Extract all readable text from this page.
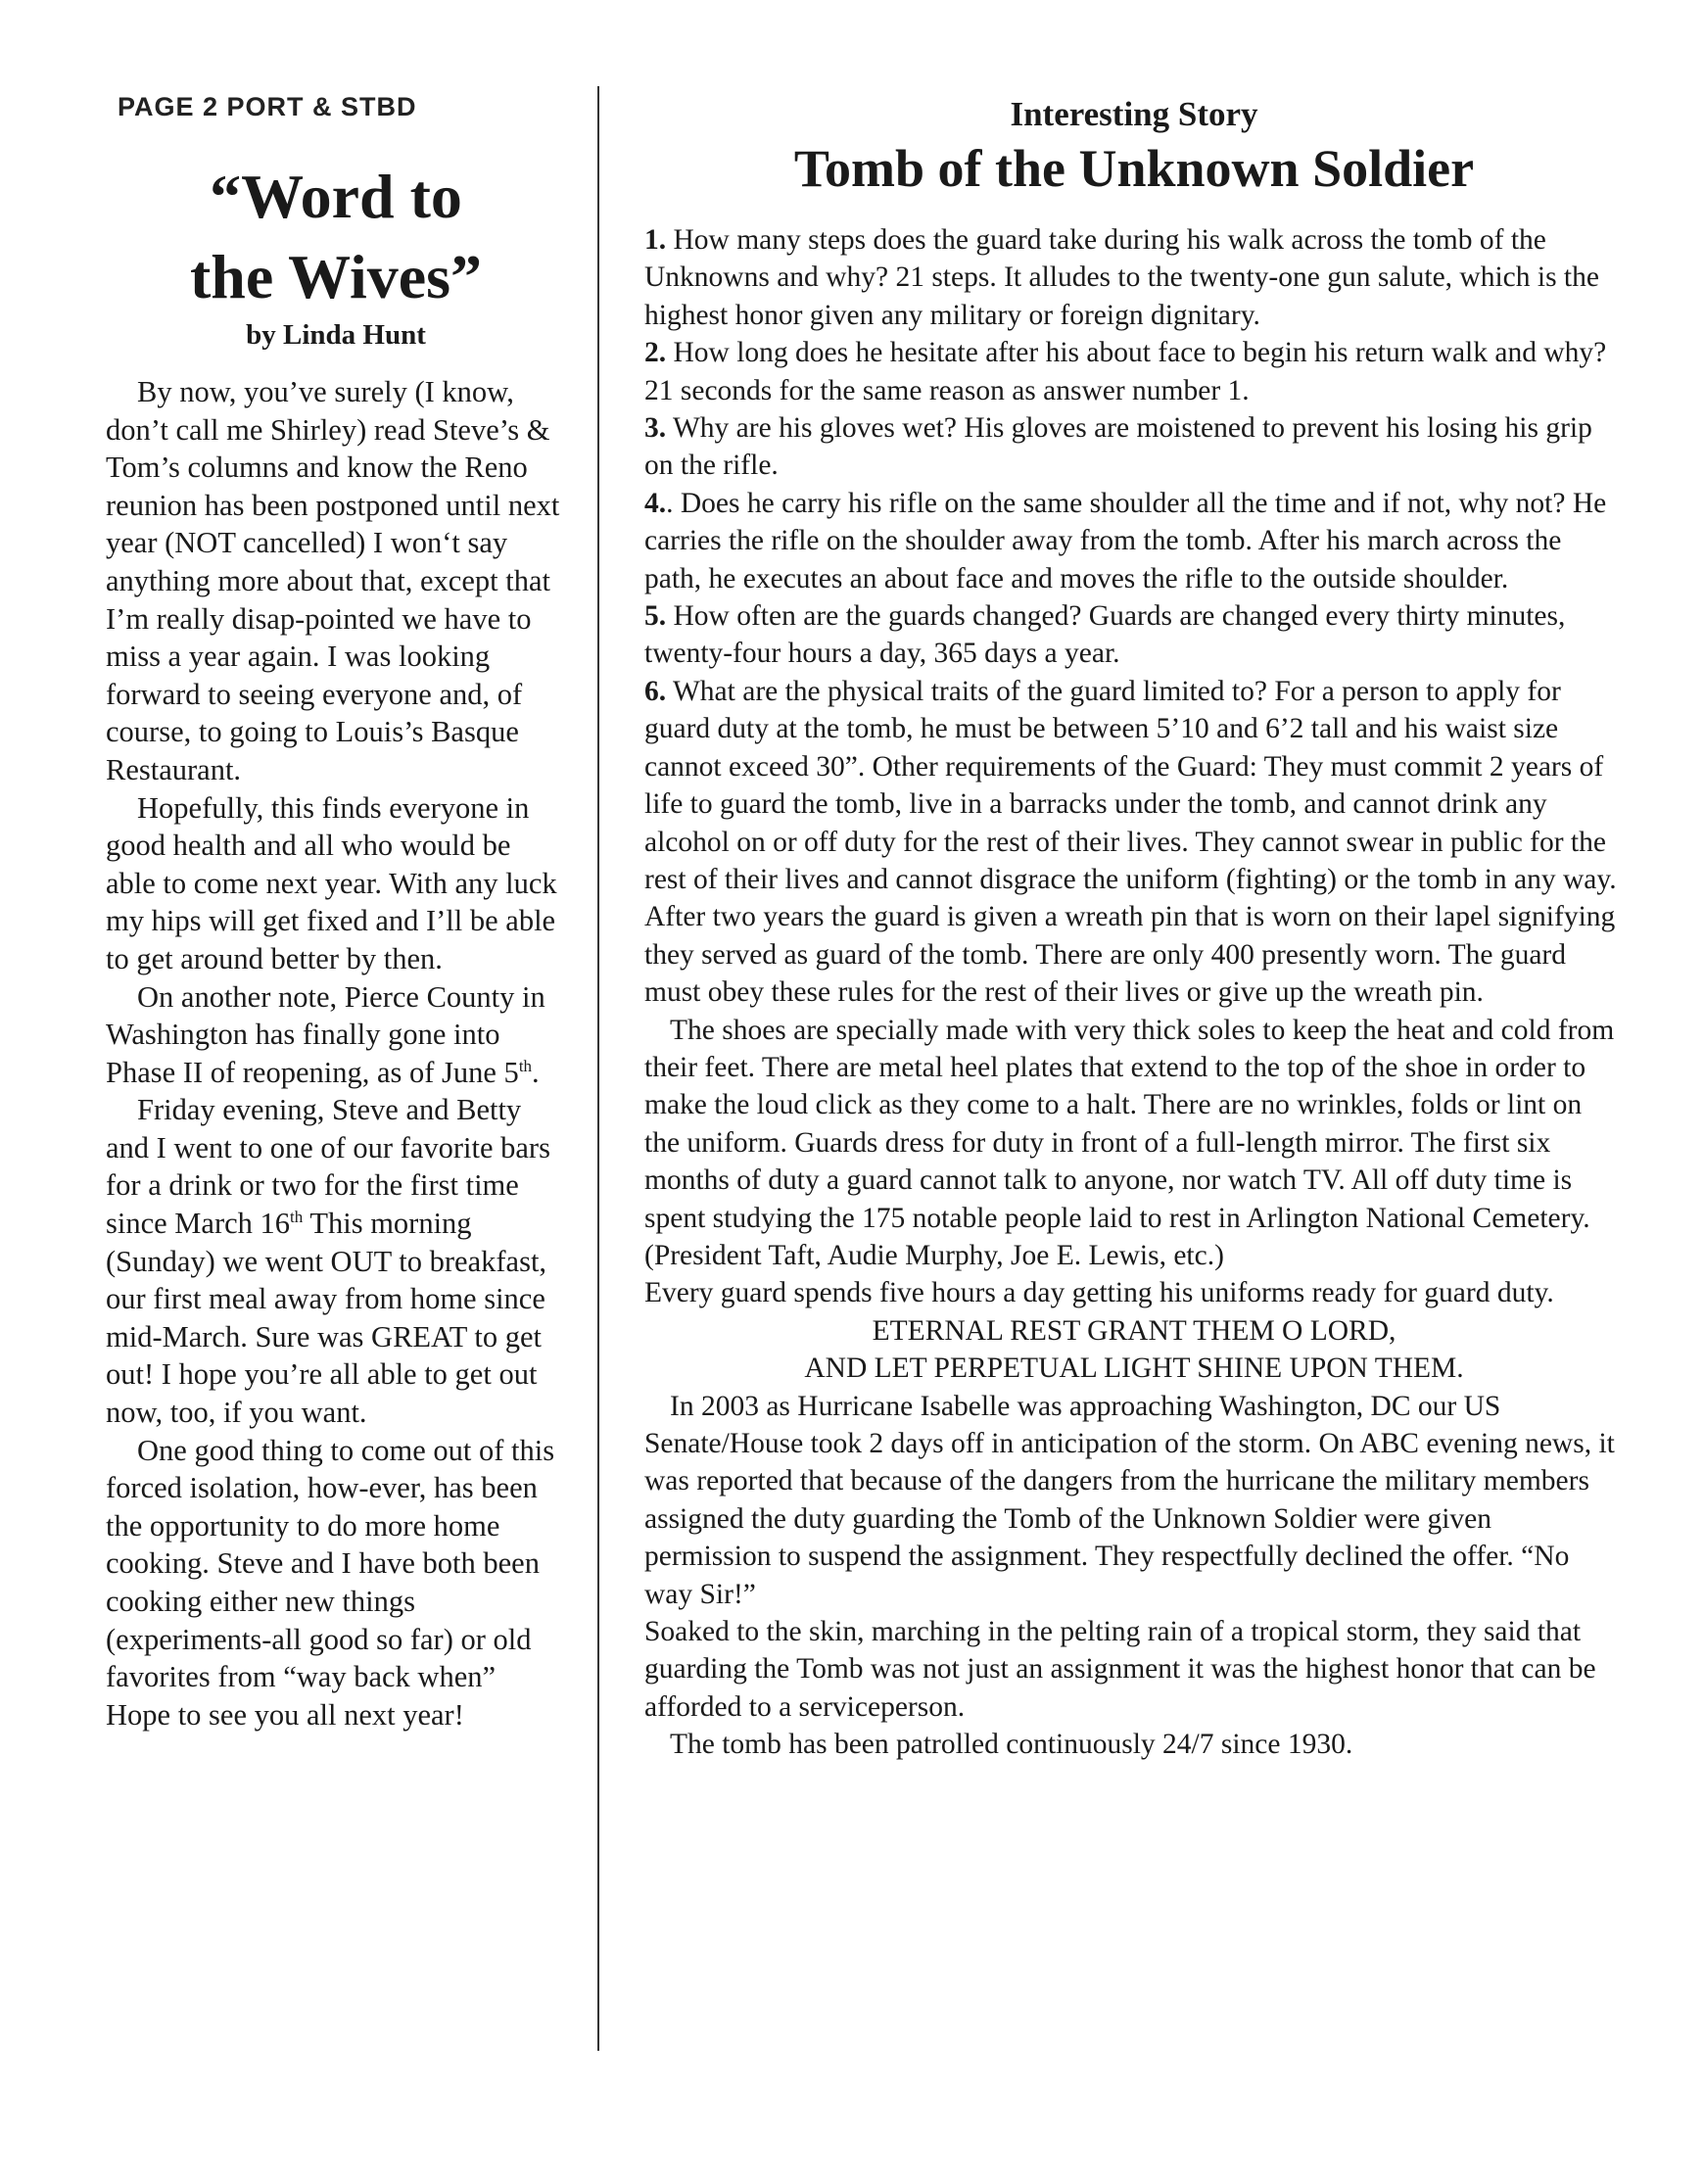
PAGE 2 PORT & STBD
“Word to
the Wives”
by Linda Hunt

By now, you’ve surely (I know, don’t call me Shirley) read Steve’s & Tom’s columns and know the Reno reunion has been postponed until next year (NOT cancelled) I won‘t say anything more about that, except that I’m really disap-pointed we have to miss a year again. I was looking forward to seeing everyone and, of course, to going to Louis’s Basque Restaurant.

Hopefully, this finds everyone in good health and all who would be able to come next year. With any luck my hips will get fixed and I’ll be able to get around better by then.

On another note, Pierce County in Washington has finally gone into Phase II of reopening, as of June 5th.

Friday evening, Steve and Betty and I went to one of our favorite bars for a drink or two for the first time since March 16th This morning (Sunday) we went OUT to breakfast, our first meal away from home since mid-March. Sure was GREAT to get out! I hope you’re all able to get out now, too, if you want.

One good thing to come out of this forced isolation, how-ever, has been the opportunity to do more home cooking. Steve and I have both been cooking either new things (experiments-all good so far) or old favorites from “way back when” Hope to see you all next year!

Interesting Story
Tomb of the Unknown Soldier

1. How many steps does the guard take during his walk across the tomb of the Unknowns and why? 21 steps. It alludes to the twenty-one gun salute, which is the highest honor given any military or foreign dignitary.

2. How long does he hesitate after his about face to begin his return walk and why? 21 seconds for the same reason as answer number 1.

3. Why are his gloves wet? His gloves are moistened to prevent his losing his grip on the rifle.

4.. Does he carry his rifle on the same shoulder all the time and if not, why not? He carries the rifle on the shoulder away from the tomb. After his march across the path, he executes an about face and moves the rifle to the outside shoulder.

5. How often are the guards changed? Guards are changed every thirty minutes, twenty-four hours a day, 365 days a year.

6. What are the physical traits of the guard limited to? For a person to apply for guard duty at the tomb, he must be between 5’10 and 6’2 tall and his waist size cannot exceed 30”. Other requirements of the Guard: They must commit 2 years of life to guard the tomb, live in a barracks under the tomb, and cannot drink any alcohol on or off duty for the rest of their lives. They cannot swear in public for the rest of their lives and cannot disgrace the uniform (fighting) or the tomb in any way. After two years the guard is given a wreath pin that is worn on their lapel signifying they served as guard of the tomb. There are only 400 presently worn. The guard must obey these rules for the rest of their lives or give up the wreath pin.

The shoes are specially made with very thick soles to keep the heat and cold from their feet. There are metal heel plates that extend to the top of the shoe in order to make the loud click as they come to a halt. There are no wrinkles, folds or lint on the uniform. Guards dress for duty in front of a full-length mirror. The first six months of duty a guard cannot talk to anyone, nor watch TV. All off duty time is spent studying the 175 notable people laid to rest in Arlington National Cemetery. (President Taft, Audie Murphy, Joe E. Lewis, etc.)

Every guard spends five hours a day getting his uniforms ready for guard duty.

ETERNAL REST GRANT THEM O LORD,

AND LET PERPETUAL LIGHT SHINE UPON THEM.

In 2003 as Hurricane Isabelle was approaching Washington, DC our US Senate/House took 2 days off in anticipation of the storm. On ABC evening news, it was reported that because of the dangers from the hurricane the military members assigned the duty guarding the Tomb of the Unknown Soldier were given permission to suspend the assignment. They respectfully declined the offer. “No way Sir!”

Soaked to the skin, marching in the pelting rain of a tropical storm, they said that guarding the Tomb was not just an assignment it was the highest honor that can be afforded to a serviceperson.

The tomb has been patrolled continuously 24/7 since 1930.
